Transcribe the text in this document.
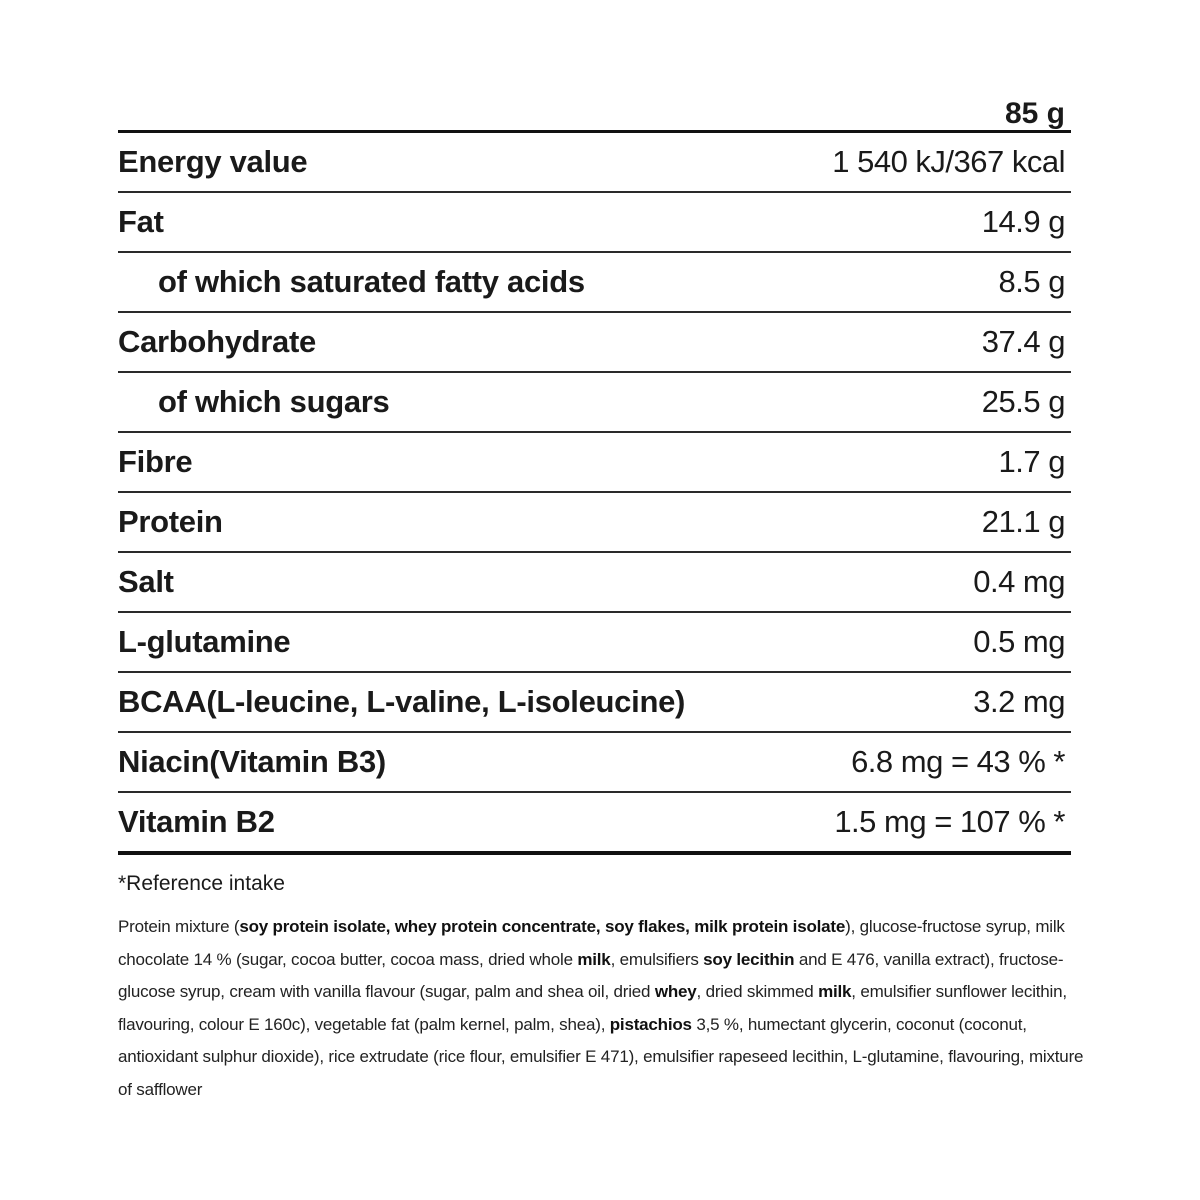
85 g
Energy value	1 540 kJ/367 kcal
Fat	14.9 g
of which saturated fatty acids	8.5 g
Carbohydrate	37.4 g
of which sugars	25.5 g
Fibre	1.7 g
Protein	21.1 g
Salt	0.4 mg
L-glutamine	0.5 mg
BCAA(L-leucine, L-valine, L-isoleucine)	3.2 mg
Niacin(Vitamin B3)	6.8 mg = 43 % *
Vitamin B2	1.5 mg = 107 % *
*Reference intake
Protein mixture (soy protein isolate, whey protein concentrate, soy flakes, milk protein isolate), glucose-fructose syrup, milk chocolate 14 % (sugar, cocoa butter, cocoa mass, dried whole milk, emulsifiers soy lecithin and E 476, vanilla extract), fructose-glucose syrup, cream with vanilla flavour (sugar, palm and shea oil, dried whey, dried skimmed milk, emulsifier sunflower lecithin, flavouring, colour E 160c), vegetable fat (palm kernel, palm, shea), pistachios 3,5 %, humectant glycerin, coconut (coconut, antioxidant sulphur dioxide), rice extrudate (rice flour, emulsifier E 471), emulsifier rapeseed lecithin, L-glutamine, flavouring, mixture of safflower
